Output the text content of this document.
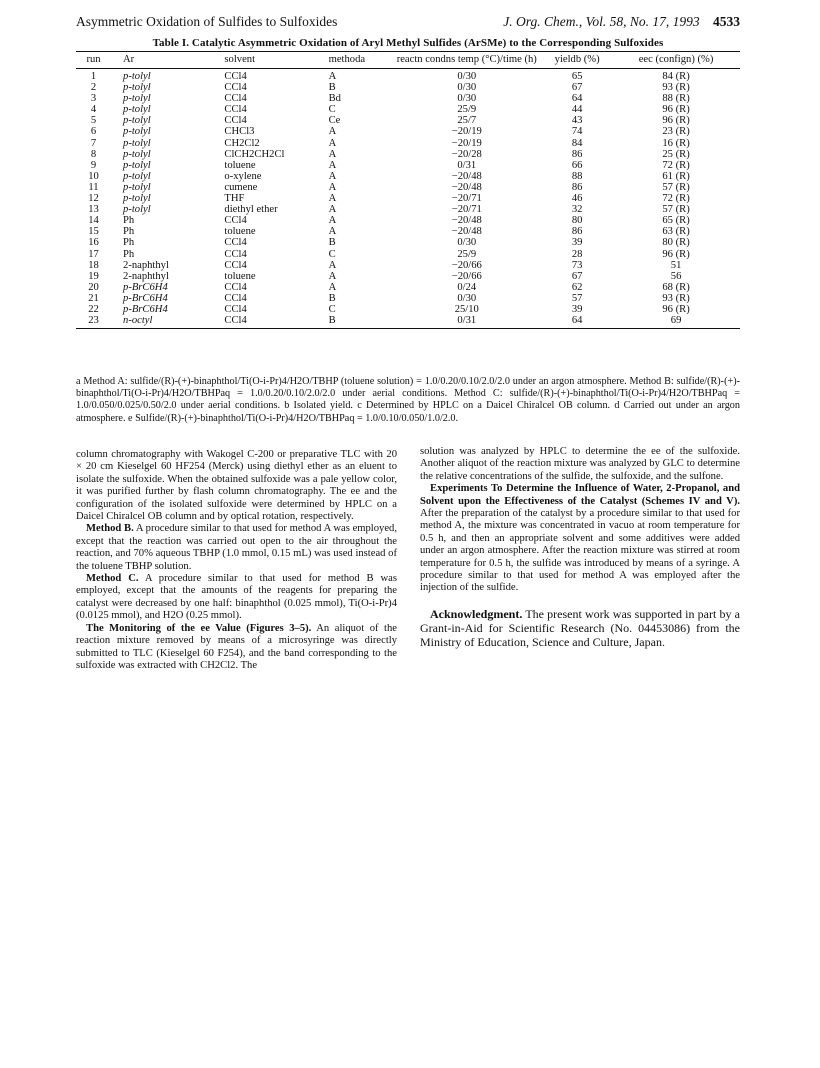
Asymmetric Oxidation of Sulfides to Sulfoxides	J. Org. Chem., Vol. 58, No. 17, 1993 4533
Table I. Catalytic Asymmetric Oxidation of Aryl Methyl Sulfides (ArSMe) to the Corresponding Sulfoxides
run	Ar	solvent	methoda	reactn condns temp (°C)/time (h)	yieldb (%)	eec (confign) (%)
1	p-tolyl	CCl4	A	0/30	65	84 (R)
2	p-tolyl	CCl4	B	0/30	67	93 (R)
3	p-tolyl	CCl4	Bd	0/30	64	88 (R)
4	p-tolyl	CCl4	C	25/9	44	96 (R)
5	p-tolyl	CCl4	Ce	25/7	43	96 (R)
6	p-tolyl	CHCl3	A	−20/19	74	23 (R)
7	p-tolyl	CH2Cl2	A	−20/19	84	16 (R)
8	p-tolyl	ClCH2CH2Cl	A	−20/28	86	25 (R)
9	p-tolyl	toluene	A	0/31	66	72 (R)
10	p-tolyl	o-xylene	A	−20/48	88	61 (R)
11	p-tolyl	cumene	A	−20/48	86	57 (R)
12	p-tolyl	THF	A	−20/71	46	72 (R)
13	p-tolyl	diethyl ether	A	−20/71	32	57 (R)
14	Ph	CCl4	A	−20/48	80	65 (R)
15	Ph	toluene	A	−20/48	86	63 (R)
16	Ph	CCl4	B	0/30	39	80 (R)
17	Ph	CCl4	C	25/9	28	96 (R)
18	2-naphthyl	CCl4	A	−20/66	73	51
19	2-naphthyl	toluene	A	−20/66	67	56
20	p-BrC6H4	CCl4	A	0/24	62	68 (R)
21	p-BrC6H4	CCl4	B	0/30	57	93 (R)
22	p-BrC6H4	CCl4	C	25/10	39	96 (R)
23	n-octyl	CCl4	B	0/31	64	69
a Method A: sulfide/(R)-(+)-binaphthol/Ti(O-i-Pr)4/H2O/TBHP (toluene solution) = 1.0/0.20/0.10/2.0/2.0 under an argon atmosphere. Method B: sulfide/(R)-(+)-binaphthol/Ti(O-i-Pr)4/H2O/TBHPaq = 1.0/0.20/0.10/2.0/2.0 under aerial conditions. Method C: sulfide/(R)-(+)-binaphthol/Ti(O-i-Pr)4/H2O/TBHPaq = 1.0/0.050/0.025/0.50/2.0 under aerial conditions. b Isolated yield. c Determined by HPLC on a Daicel Chiralcel OB column. d Carried out under an argon atmosphere. e Sulfide/(R)-(+)-binaphthol/Ti(O-i-Pr)4/H2O/TBHPaq = 1.0/0.10/0.050/1.0/2.0.

column chromatography with Wakogel C-200 or preparative TLC with 20 × 20 cm Kieselgel 60 HF254 (Merck) using diethyl ether as an eluent to isolate the sulfoxide. When the obtained sulfoxide was a pale yellow color, it was purified further by flash column chromatography. The ee and the configuration of the isolated sulfoxide were determined by HPLC on a Daicel Chiralcel OB column and by optical rotation, respectively.

Method B. A procedure similar to that used for method A was employed, except that the reaction was carried out open to the air throughout the reaction, and 70% aqueous TBHP (1.0 mmol, 0.15 mL) was used instead of the toluene TBHP solution.

Method C. A procedure similar to that used for method B was employed, except that the amounts of the reagents for preparing the catalyst were decreased by one half: binaphthol (0.025 mmol), Ti(O-i-Pr)4 (0.0125 mmol), and H2O (0.25 mmol).

The Monitoring of the ee Value (Figures 3–5). An aliquot of the reaction mixture removed by means of a microsyringe was directly submitted to TLC (Kieselgel 60 F254), and the band corresponding to the sulfoxide was extracted with CH2Cl2. The

solution was analyzed by HPLC to determine the ee of the sulfoxide. Another aliquot of the reaction mixture was analyzed by GLC to determine the relative concentrations of the sulfide, the sulfoxide, and the sulfone.

Experiments To Determine the Influence of Water, 2-Propanol, and Solvent upon the Effectiveness of the Catalyst (Schemes IV and V). After the preparation of the catalyst by a procedure similar to that used for method A, the mixture was concentrated in vacuo at room temperature for 0.5 h, and then an appropriate solvent and some additives were added under an argon atmosphere. After the reaction mixture was stirred at room temperature for 0.5 h, the sulfide was introduced by means of a syringe. A procedure similar to that used for method A was employed after the injection of the sulfide.

Acknowledgment. The present work was supported in part by a Grant-in-Aid for Scientific Research (No. 04453086) from the Ministry of Education, Science and Culture, Japan.
